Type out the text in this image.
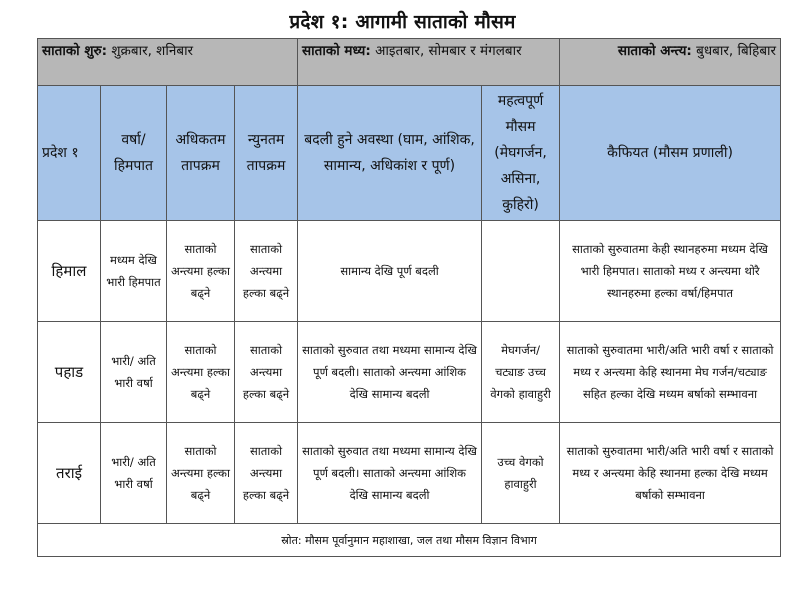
प्रदेश १: आगामी साताको मौसम
साताको शुरु: शुक्रबार, शनिबार				साताको मध्य: आइतबार, सोमबार र मंगलबार		साताको अन्त्य: बुधबार, बिहिबार
प्रदेश १	वर्षा/ हिमपात	अधिकतम तापक्रम	न्युनतम तापक्रम	बदली हुने अवस्था (घाम, आंशिक, सामान्य, अधिकांश र पूर्ण)	महत्वपूर्ण मौसम (मेघगर्जन, असिना, कुहिरो)	कैफियत (मौसम प्रणाली)
हिमाल	मध्यम देखि भारी हिमपात	साताको अन्त्यमा हल्का बढ्ने	साताको अन्त्यमा हल्का बढ्ने	सामान्य देखि पूर्ण बदली		साताको सुरुवातमा केही स्थानहरुमा मध्यम देखि भारी हिमपात। साताको मध्य र अन्त्यमा थोरै स्थानहरुमा हल्का वर्षा/हिमपात
पहाड	भारी/ अति भारी वर्षा	साताको अन्त्यमा हल्का बढ्ने	साताको अन्त्यमा हल्का बढ्ने	साताको सुरुवात तथा मध्यमा सामान्य देखि पूर्ण बदली। साताको अन्त्यमा आंशिक देखि सामान्य बदली	मेघगर्जन/ चट्याङ उच्च वेगको हावाहुरी	साताको सुरुवातमा भारी/अति भारी वर्षा र साताको मध्य र अन्त्यमा केहि स्थानमा मेघ गर्जन/चट्याङ सहित हल्का देखि मध्यम बर्षाको सम्भावना
तराई	भारी/ अति भारी वर्षा	साताको अन्त्यमा हल्का बढ्ने	साताको अन्त्यमा हल्का बढ्ने	साताको सुरुवात तथा मध्यमा सामान्य देखि पूर्ण बदली। साताको अन्त्यमा आंशिक देखि सामान्य बदली	उच्च वेगको हावाहुरी	साताको सुरुवातमा भारी/अति भारी वर्षा र साताको मध्य र अन्त्यमा केहि स्थानमा हल्का देखि मध्यम बर्षाको सम्भावना
स्रोत: मौसम पूर्वानुमान महाशाखा, जल तथा मौसम विज्ञान विभाग						
